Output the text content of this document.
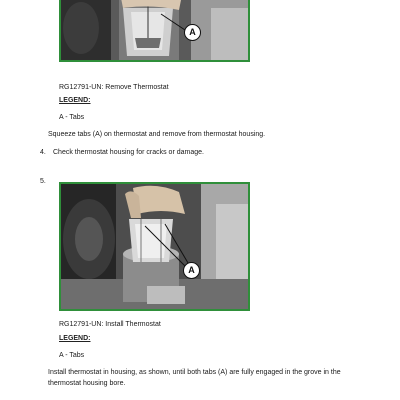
A
RG12791-UN: Remove Thermostat
LEGEND:
A - Tabs
Squeeze tabs (A) on thermostat and remove from thermostat housing.
4. Check thermostat housing for cracks or damage.
5.
A
RG12791-UN: Install Thermostat
LEGEND:
A - Tabs
Install thermostat in housing, as shown, until both tabs (A) are fully engaged in the grove in the
thermostat housing bore.
